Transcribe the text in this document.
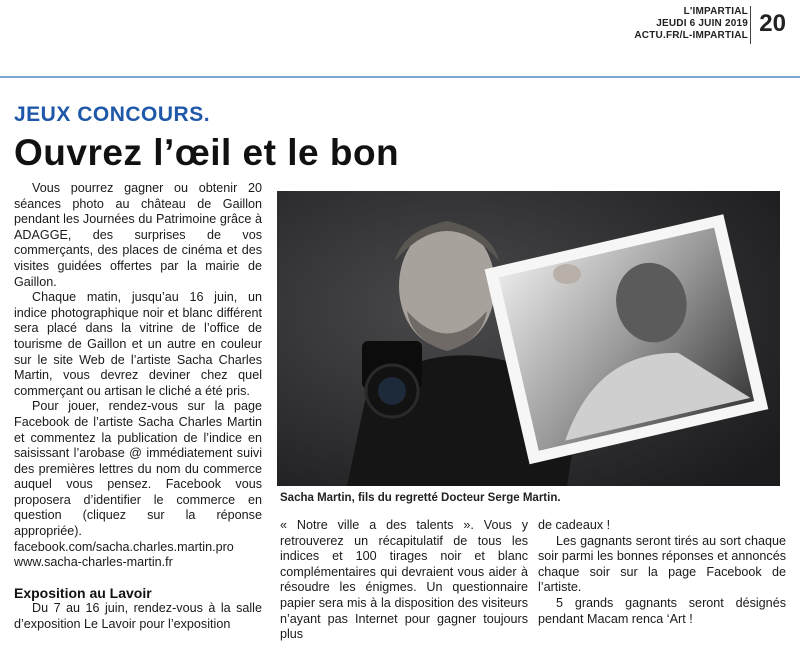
L'IMPARTIAL
JEUDI 6 JUIN 2019
ACTU.FR/L-IMPARTIAL 20
JEUX CONCOURS.
Ouvrez l’œil et le bon

Vous pourrez gagner ou obtenir 20 séances photo au château de Gaillon pendant les Journées du Patrimoine grâce à ADAGGE, des surprises de vos commerçants, des places de cinéma et des visites guidées offertes par la mairie de Gaillon.

Chaque matin, jusqu’au 16 juin, un indice photographique noir et blanc différent sera placé dans la vitrine de l’office de tourisme de Gaillon et un autre en couleur sur le site Web de l’artiste Sacha Charles Martin, vous devrez deviner chez quel commerçant ou artisan le cliché a été pris.

Pour jouer, rendez-vous sur la page Facebook de l’artiste Sacha Charles Martin et commentez la publication de l’indice en saisissant l’arobase @ immédiatement suivi des premières lettres du nom du commerce auquel vous pensez. Facebook vous proposera d’identifier le commerce en question (cliquez sur la réponse appropriée).

facebook.com/sacha.charles.martin.pro

www.sacha-charles-martin.fr

Exposition au Lavoir

Du 7 au 16 juin, rendez-vous à la salle d’exposition Le Lavoir pour l’exposition

Sacha Martin, fils du regretté Docteur Serge Martin.

« Notre ville a des talents ». Vous y retrouverez un récapitulatif de tous les indices et 100 tirages noir et blanc complémentaires qui devraient vous aider à résoudre les énigmes. Un questionnaire papier sera mis à la disposition des visiteurs n’ayant pas Internet pour gagner toujours plus

de cadeaux !

Les gagnants seront tirés au sort chaque soir parmi les bonnes réponses et annoncés chaque soir sur la page Facebook de l’artiste.

5 grands gagnants seront désignés pendant Macam renca ‘Art !
